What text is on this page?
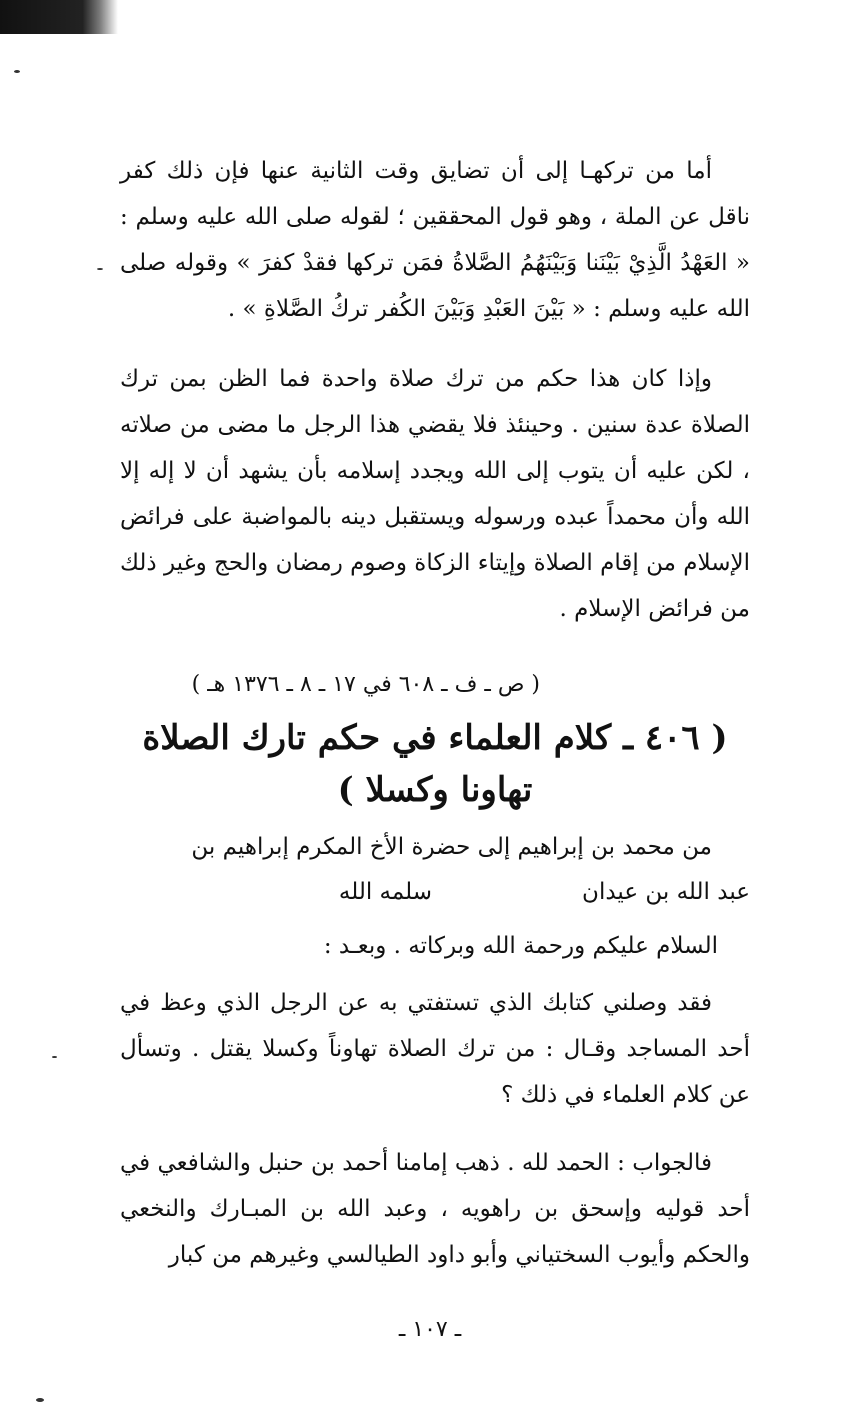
أما من تركهـا إلى أن تضايق وقت الثانية عنها فإن ذلك كفر ناقل عن الملة ، وهو قول المحققين ؛ لقوله صلى الله عليه وسلم : « العَهْدُ الَّذِيْ بَيْنَنا وَبَيْنَهُمُ الصَّلاةُ فمَن تركها فقدْ كفرَ » وقوله صلى الله عليه وسلم : « بَيْنَ العَبْدِ وَبَيْنَ الكُفر تركُ الصَّلاةِ » .

وإذا كان هذا حكم من ترك صلاة واحدة فما الظن بمن ترك الصلاة عدة سنين . وحينئذ فلا يقضي هذا الرجل ما مضى من صلاته ، لكن عليه أن يتوب إلى الله ويجدد إسلامه بأن يشهد أن لا إله إلا الله وأن محمداً عبده ورسوله ويستقبل دينه بالمواضبة على فرائض الإسلام من إقام الصلاة وإيتاء الزكاة وصوم رمضان والحج وغير ذلك من فرائض الإسلام .

( ص ـ ف ـ ٦٠٨ في ١٧ ـ ٨ ـ ١٣٧٦ هـ )
( ٤٠٦ ـ كلام العلماء في حكم تارك الصلاة
تهاونا وكسلا )
من محمد بن إبراهيم إلى حضرة الأخ المكرم إبراهيم بن
عبد الله بن عيدان
سلمه الله
السلام عليكم ورحمة الله وبركاته . وبعـد :

فقد وصلني كتابك الذي تستفتي به عن الرجل الذي وعظ في أحد المساجد وقـال : من ترك الصلاة تهاوناً وكسلا يقتل . وتسأل عن كلام العلماء في ذلك ؟

فالجواب : الحمد لله . ذهب إمامنا أحمد بن حنبل والشافعي في أحد قوليه وإسحق بن راهويه ، وعبد الله بن المبـارك والنخعي والحكم وأيوب السختياني وأبو داود الطيالسي وغيرهم من كبار

ـ ١٠٧ ـ
